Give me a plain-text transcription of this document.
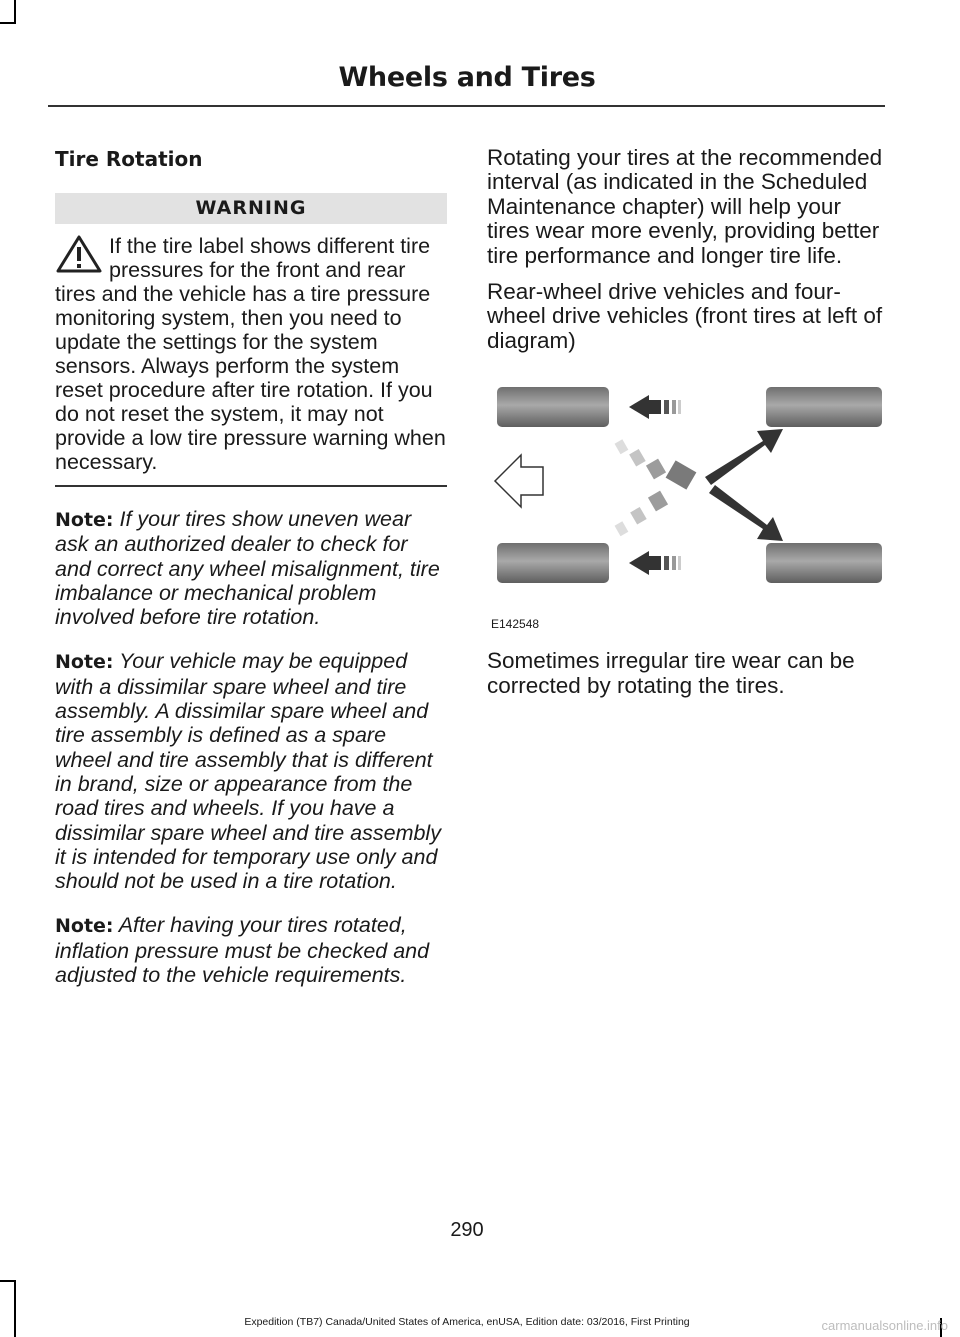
Wheels and Tires
Tire Rotation
WARNING
If the tire label shows different tire pressures for the front and rear tires and the vehicle has a tire pressure monitoring system, then you need to update the settings for the system sensors. Always perform the system reset procedure after tire rotation. If you do not reset the system, it may not provide a low tire pressure warning when necessary.

Note: If your tires show uneven wear ask an authorized dealer to check for and correct any wheel misalignment, tire imbalance or mechanical problem involved before tire rotation.

Note: Your vehicle may be equipped with a dissimilar spare wheel and tire assembly. A dissimilar spare wheel and tire assembly is defined as a spare wheel and tire assembly that is different in brand, size or appearance from the road tires and wheels. If you have a dissimilar spare wheel and tire assembly it is intended for temporary use only and should not be used in a tire rotation.

Note: After having your tires rotated, inflation pressure must be checked and adjusted to the vehicle requirements.

Rotating your tires at the recommended interval (as indicated in the Scheduled Maintenance chapter) will help your tires wear more evenly, providing better tire performance and longer tire life.

Rear-wheel drive vehicles and four-wheel drive vehicles (front tires at left of diagram)

E142548

Sometimes irregular tire wear can be corrected by rotating the tires.

290
Expedition (TB7) Canada/United States of America, enUSA, Edition date: 03/2016, First Printing	carmanualsonline.info
